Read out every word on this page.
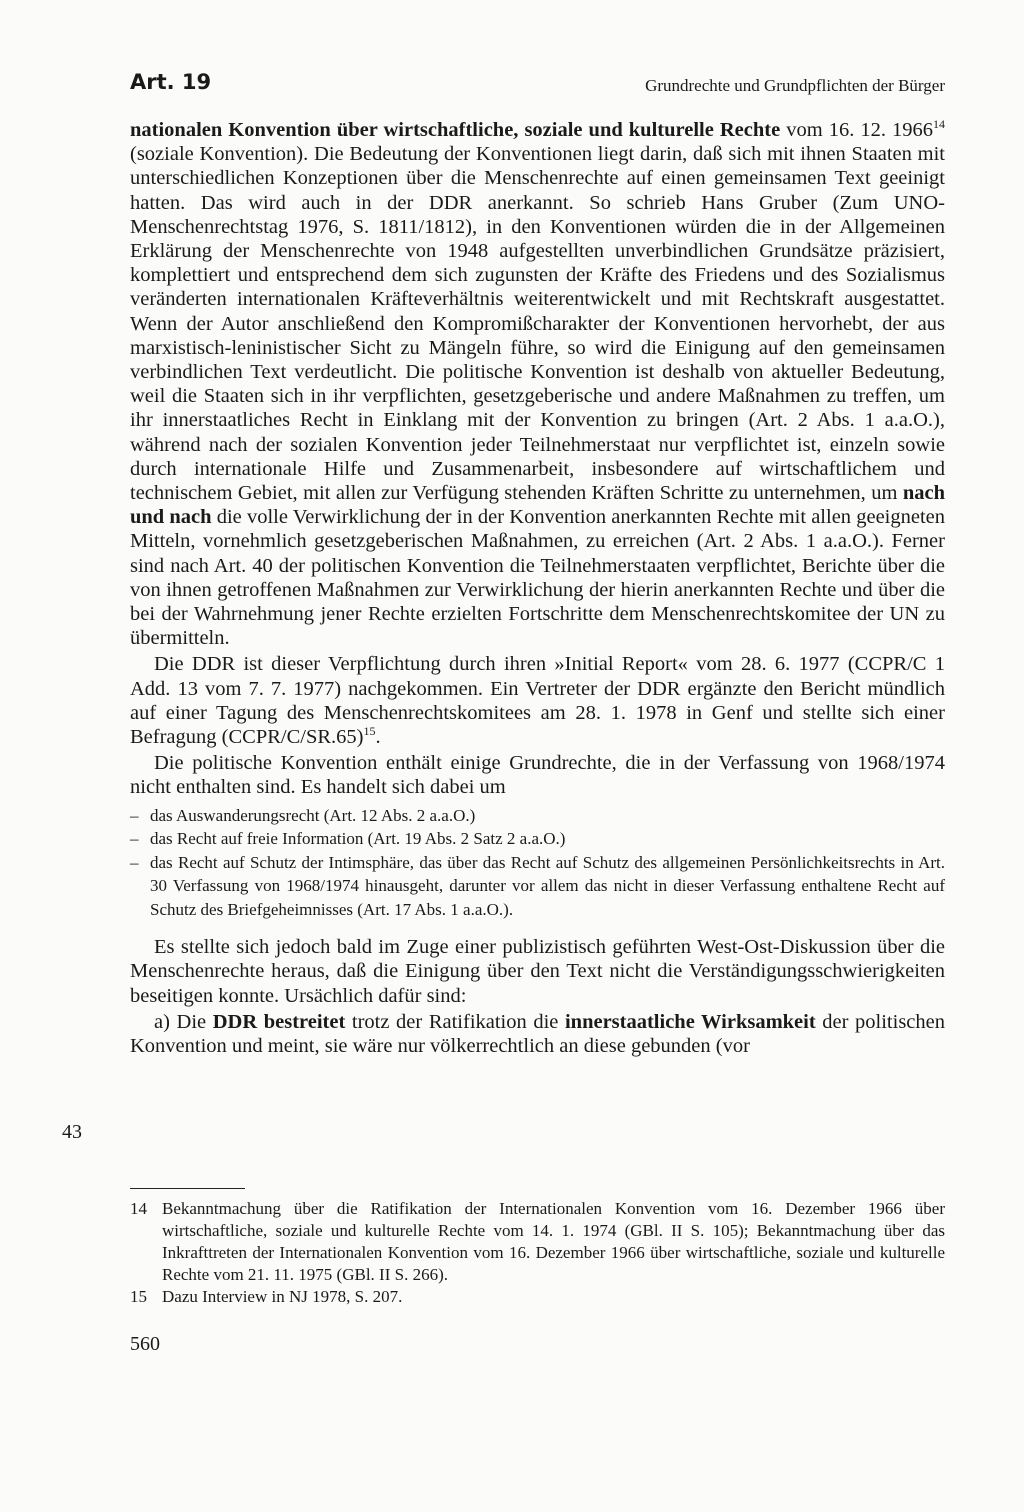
Art. 19	Grundrechte und Grundpflichten der Bürger
43

nationalen Konvention über wirtschaftliche, soziale und kulturelle Rechte vom 16. 12. 1966$^{14}$ (soziale Konvention). Die Bedeutung der Konventionen liegt darin, daß sich mit ihnen Staaten mit unterschiedlichen Konzeptionen über die Menschenrechte auf einen gemeinsamen Text geeinigt hatten. Das wird auch in der DDR anerkannt. So schrieb Hans Gruber (Zum UNO-Menschenrechtstag 1976, S. 1811/1812), in den Konventionen würden die in der Allgemeinen Erklärung der Menschenrechte von 1948 aufgestellten unverbindlichen Grundsätze präzisiert, komplettiert und entsprechend dem sich zugunsten der Kräfte des Friedens und des Sozialismus veränderten internationalen Kräfteverhältnis weiterentwickelt und mit Rechtskraft ausgestattet. Wenn der Autor anschließend den Kompromißcharakter der Konventionen hervorhebt, der aus marxistisch-leninistischer Sicht zu Mängeln führe, so wird die Einigung auf den gemeinsamen verbindlichen Text verdeutlicht. Die politische Konvention ist deshalb von aktueller Bedeutung, weil die Staaten sich in ihr verpflichten, gesetzgeberische und andere Maßnahmen zu treffen, um ihr innerstaatliches Recht in Einklang mit der Konvention zu bringen (Art. 2 Abs. 1 a.a.O.), während nach der sozialen Konvention jeder Teilnehmerstaat nur verpflichtet ist, einzeln sowie durch internationale Hilfe und Zusammenarbeit, insbesondere auf wirtschaftlichem und technischem Gebiet, mit allen zur Verfügung stehenden Kräften Schritte zu unternehmen, um nach und nach die volle Verwirklichung der in der Konvention anerkannten Rechte mit allen geeigneten Mitteln, vornehmlich gesetzgeberischen Maßnahmen, zu erreichen (Art. 2 Abs. 1 a.a.O.). Ferner sind nach Art. 40 der politischen Konvention die Teilnehmerstaaten verpflichtet, Berichte über die von ihnen getroffenen Maßnahmen zur Verwirklichung der hierin anerkannten Rechte und über die bei der Wahrnehmung jener Rechte erzielten Fortschritte dem Menschenrechtskomitee der UN zu übermitteln.

Die DDR ist dieser Verpflichtung durch ihren »Initial Report« vom 28. 6. 1977 (CCPR/C 1 Add. 13 vom 7. 7. 1977) nachgekommen. Ein Vertreter der DDR ergänzte den Bericht mündlich auf einer Tagung des Menschenrechtskomitees am 28. 1. 1978 in Genf und stellte sich einer Befragung (CCPR/C/SR.65)$^{15}$.

Die politische Konvention enthält einige Grundrechte, die in der Verfassung von 1968/1974 nicht enthalten sind. Es handelt sich dabei um

– das Auswanderungsrecht (Art. 12 Abs. 2 a.a.O.)
– das Recht auf freie Information (Art. 19 Abs. 2 Satz 2 a.a.O.)
– das Recht auf Schutz der Intimsphäre, das über das Recht auf Schutz des allgemeinen Persönlichkeitsrechts in Art. 30 Verfassung von 1968/1974 hinausgeht, darunter vor allem das nicht in dieser Verfassung enthaltene Recht auf Schutz des Briefgeheimnisses (Art. 17 Abs. 1 a.a.O.).

Es stellte sich jedoch bald im Zuge einer publizistisch geführten West-Ost-Diskussion über die Menschenrechte heraus, daß die Einigung über den Text nicht die Verständigungsschwierigkeiten beseitigen konnte. Ursächlich dafür sind:

a) Die DDR bestreitet trotz der Ratifikation die innerstaatliche Wirksamkeit der politischen Konvention und meint, sie wäre nur völkerrechtlich an diese gebunden (vor

14 Bekanntmachung über die Ratifikation der Internationalen Konvention vom 16. Dezember 1966 über wirtschaftliche, soziale und kulturelle Rechte vom 14. 1. 1974 (GBl. II S. 105); Bekanntmachung über das Inkrafttreten der Internationalen Konvention vom 16. Dezember 1966 über wirtschaftliche, soziale und kulturelle Rechte vom 21. 11. 1975 (GBl. II S. 266).

15 Dazu Interview in NJ 1978, S. 207.

560
